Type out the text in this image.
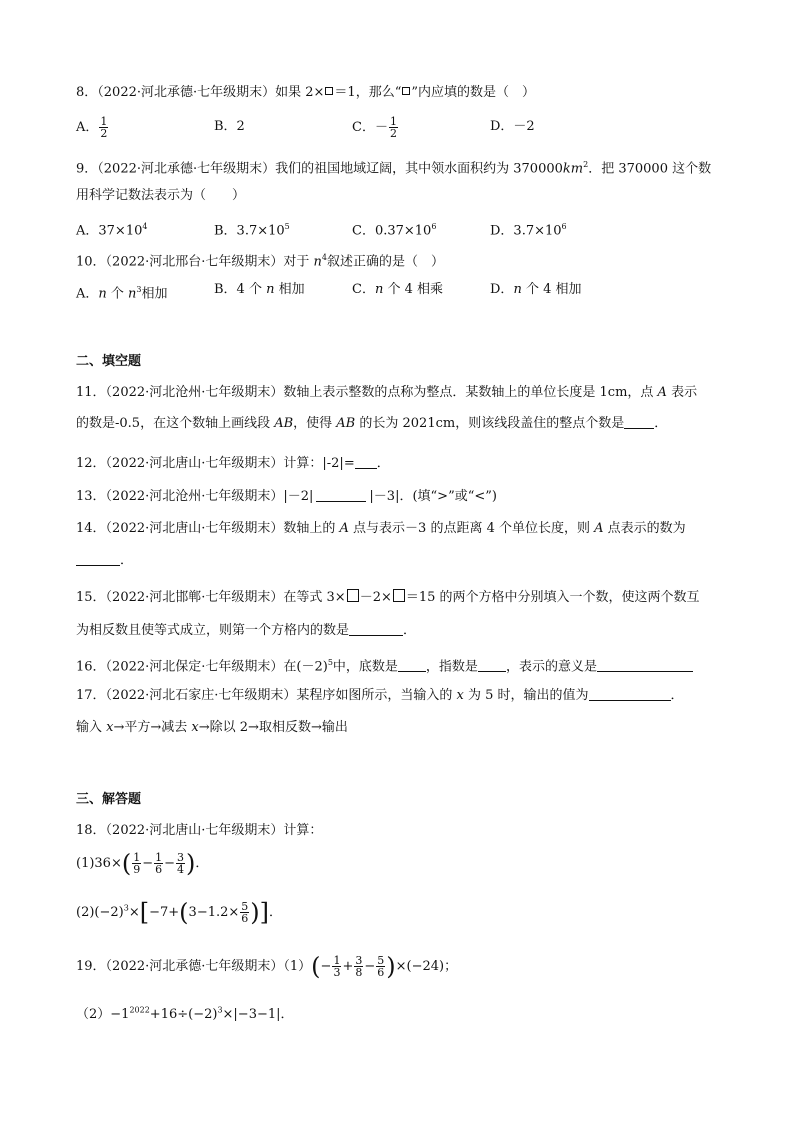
8．（2022·河北承德·七年级期末）如果 2× ＝1，那么“ ”内应填的数是（　）
A． $\frac{1}{2}$	B．2	C．－ $\frac{1}{2}$	D．－2
9．（2022·河北承德·七年级期末）我们的祖国地域辽阔，其中领水面积约为 $370000km^2$．把 370000 这个数
用科学记数法表示为（　　）
A．$37\times 10^4$	B．$3.7\times 10^5$	C．$0.37\times 10^6$	D．$3.7\times 10^6$
10．（2022·河北邢台·七年级期末）对于 $n^4$叙述正确的是（　）
A．n 个 $n^3$相加	B．4 个 n 相加	C．n 个 4 相乘	D．n 个 4 相加
二、填空题
11．（2022·河北沧州·七年级期末）数轴上表示整数的点称为整点．某数轴上的单位长度是 1cm，点 A 表示
的数是-0.5，在这个数轴上画线段 AB，使得 AB 的长为 2021cm，则该线段盖住的整点个数是 ．
12．（2022·河北唐山·七年级期末）计算：|-2|= ．
13．（2022·河北沧州·七年级期末）|－2|	|－3|．(填“>”或“<”)
14．（2022·河北唐山·七年级期末）数轴上的 A 点与表示－3 的点距离 4 个单位长度，则 A 点表示的数为
．
15．（2022·河北邯郸·七年级期末）在等式 3× －2× ＝15 的两个方格中分别填入一个数，使这两个数互
为相反数且使等式成立，则第一个方格内的数是	．
16．（2022·河北保定·七年级期末）在$(-2)^5$中，底数是 ，指数是 ，表示的意义是
17．（2022·河北石家庄·七年级期末）某程序如图所示，当输入的 x 为 5 时，输出的值为	．
输入 x→平方→减去 x→除以 2→取相反数→输出
三、解答题
18．（2022·河北唐山·七年级期末）计算：
$(1)36\times( \frac{1}{9} - \frac{1}{6} - \frac{3}{4}$ )．
$(2)(-2)^3\times[-7+(3-1.2\times \frac{5}{6}$ )]．
19．（2022·河北承德·七年级期末）$(1)(- \frac{1}{3} + \frac{3}{8} - \frac{5}{6} )\times(-24)$；
$(2)-1^{2022}+16\div(-2)^3\times|-3-1|$．
